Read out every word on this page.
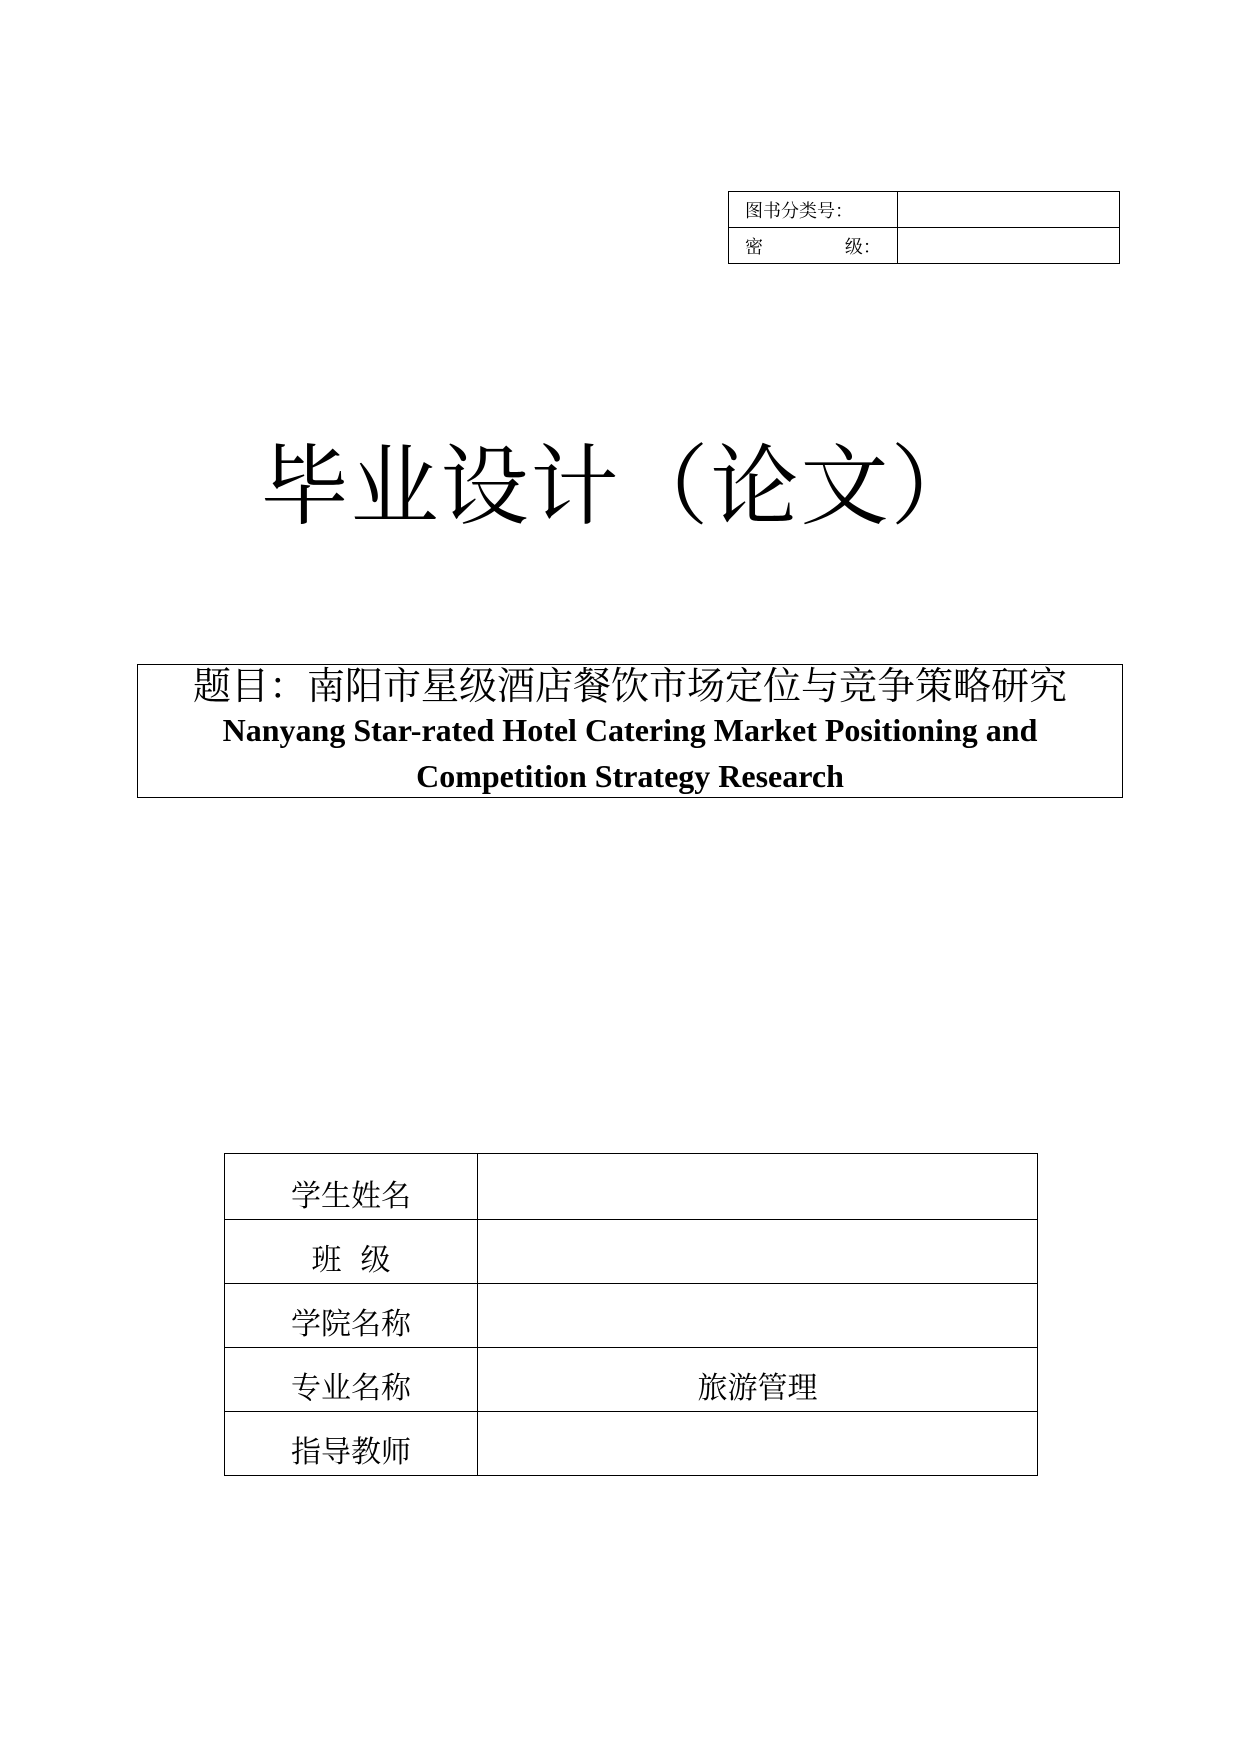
图书分类号：	

密 级：	

毕业设计（论文）
题目：南阳市星级酒店餐饮市场定位与竞争策略研究
Nanyang Star-rated Hotel Catering Market Positioning and
Competition Strategy Research
学生姓名	
班  级	
学院名称	
专业名称	旅游管理
指导教师	
